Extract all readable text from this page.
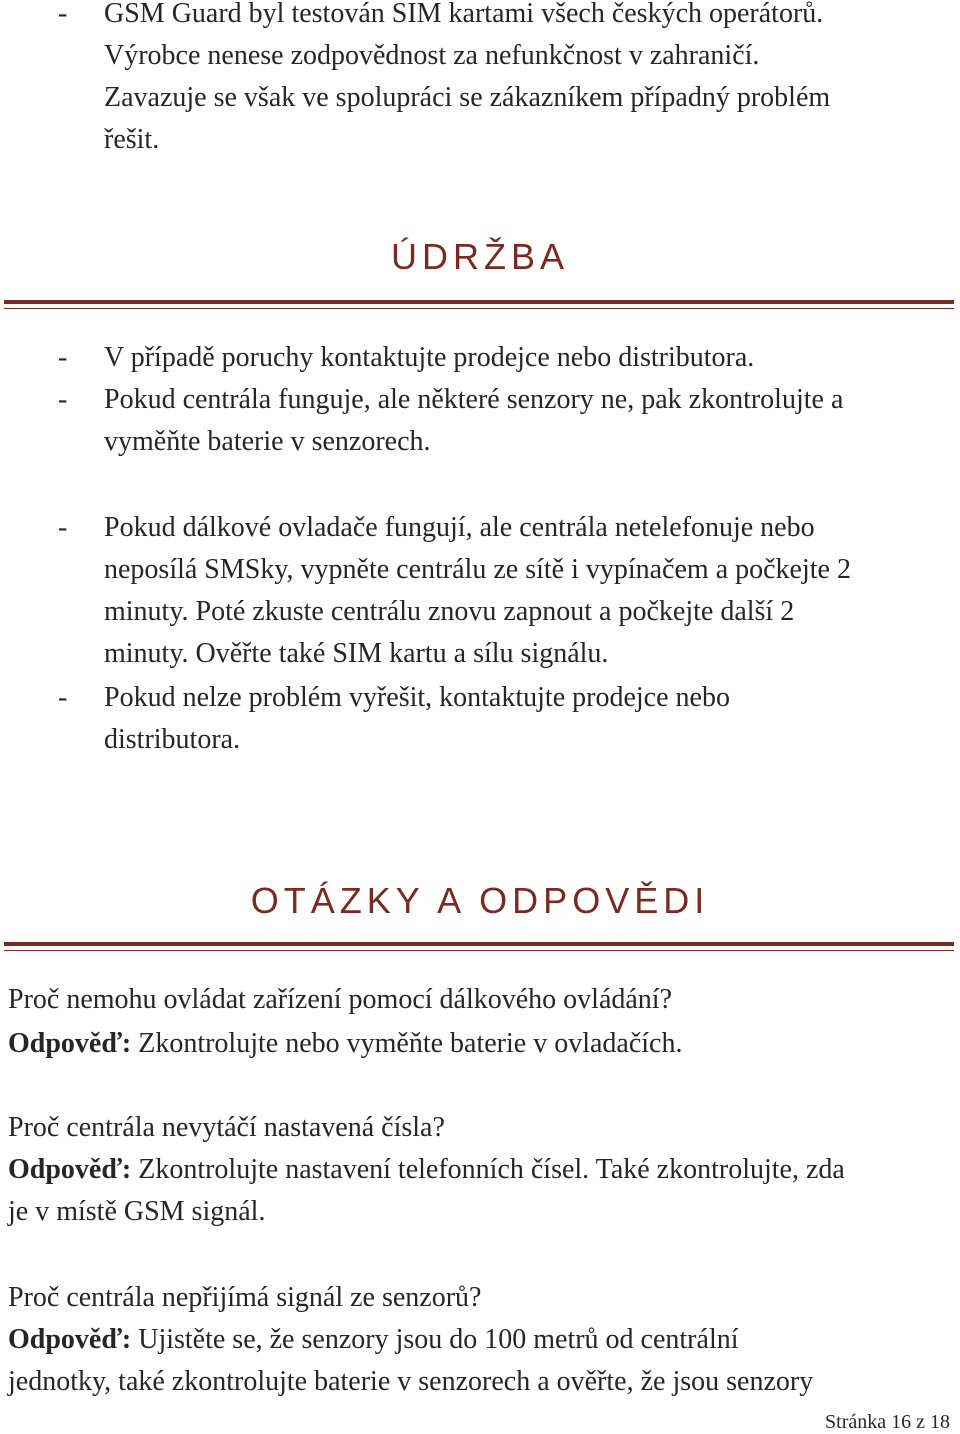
- GSM Guard byl testován SIM kartami všech českých operátorů.
Výrobce nenese zodpovědnost za nefunkčnost v zahraničí.
Zavazuje se však ve spolupráci se zákazníkem případný problém
řešit.
ÚDRŽBA
- V případě poruchy kontaktujte prodejce nebo distributora.
- Pokud centrála funguje, ale některé senzory ne, pak zkontrolujte a
vyměňte baterie v senzorech.
- Pokud dálkové ovladače fungují, ale centrála netelefonuje nebo
neposílá SMSky, vypněte centrálu ze sítě i vypínačem a počkejte 2
minuty. Poté zkuste centrálu znovu zapnout a počkejte další 2
minuty. Ověřte také SIM kartu a sílu signálu.
- Pokud nelze problém vyřešit, kontaktujte prodejce nebo
distributora.
OTÁZKY A ODPOVĚDI
Proč nemohu ovládat zařízení pomocí dálkového ovládání?
Odpověď: Zkontrolujte nebo vyměňte baterie v ovladačích.
Proč centrála nevytáčí nastavená čísla?
Odpověď: Zkontrolujte nastavení telefonních čísel. Také zkontrolujte, zda
je v místě GSM signál.
Proč centrála nepřijímá signál ze senzorů?
Odpověď: Ujistěte se, že senzory jsou do 100 metrů od centrální
jednotky, také zkontrolujte baterie v senzorech a ověřte, že jsou senzory
Stránka 16 z 18
